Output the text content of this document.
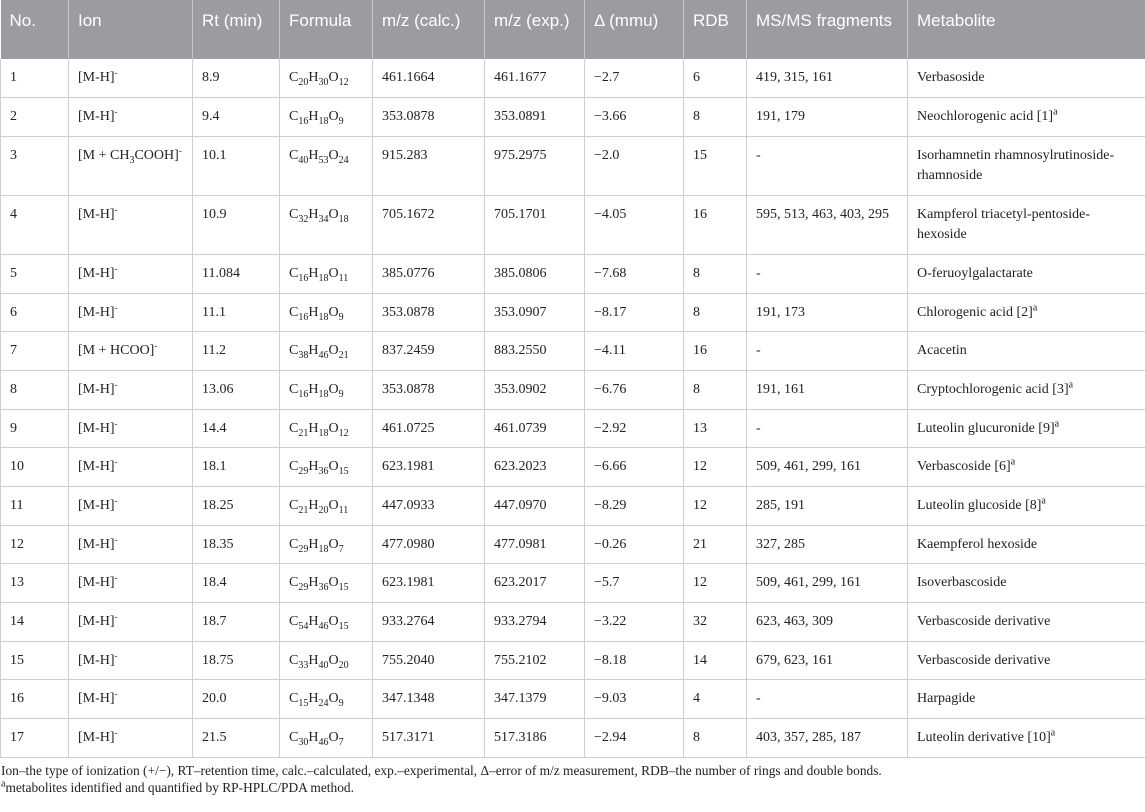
No.	Ion	Rt (min)	Formula	m/z (calc.)	m/z (exp.)	Δ (mmu)	RDB	MS/MS fragments	Metabolite
1	[M-H]-	8.9	$C_{20}H_{30}O_{12}$	461.1664	461.1677	−2.7	6	419, 315, 161	Verbasoside
2	[M-H]-	9.4	$C_{16}H_{18}O_9$	353.0878	353.0891	−3.66	8	191, 179	Neochlorogenic acid $[1]^a$
3	$[M + CH_3COOH]^-$	10.1	$C_{40}H_{53}O_{24}$	915.283	975.2975	−2.0	15	-	Isorhamnetin rhamnosylrutinoside-rhamnoside
4	[M-H]-	10.9	$C_{32}H_{34}O_{18}$	705.1672	705.1701	−4.05	16	595, 513, 463, 403, 295	Kampferol triacetyl-pentoside-hexoside
5	[M-H]-	11.084	$C_{16}H_{18}O_{11}$	385.0776	385.0806	−7.68	8	-	O-feruoylgalactarate
6	[M-H]-	11.1	$C_{16}H_{18}O_9$	353.0878	353.0907	−8.17	8	191, 173	Chlorogenic acid $[2]^a$
7	[M + HCOO]-	11.2	$C_{38}H_{46}O_{21}$	837.2459	883.2550	−4.11	16	-	Acacetin
8	[M-H]-	13.06	$C_{16}H_{18}O_9$	353.0878	353.0902	−6.76	8	191, 161	Cryptochlorogenic acid $[3]^a$
9	[M-H]-	14.4	$C_{21}H_{18}O_{12}$	461.0725	461.0739	−2.92	13	-	Luteolin glucuronide $[9]^a$
10	[M-H]-	18.1	$C_{29}H_{36}O_{15}$	623.1981	623.2023	−6.66	12	509, 461, 299, 161	Verbascoside $[6]^a$
11	[M-H]-	18.25	$C_{21}H_{20}O_{11}$	447.0933	447.0970	−8.29	12	285, 191	Luteolin glucoside $[8]^a$
12	[M-H]-	18.35	$C_{29}H_{18}O_7$	477.0980	477.0981	−0.26	21	327, 285	Kaempferol hexoside
13	[M-H]-	18.4	$C_{29}H_{36}O_{15}$	623.1981	623.2017	−5.7	12	509, 461, 299, 161	Isoverbascoside
14	[M-H]-	18.7	$C_{54}H_{46}O_{15}$	933.2764	933.2794	−3.22	32	623, 463, 309	Verbascoside derivative
15	[M-H]-	18.75	$C_{33}H_{40}O_{20}$	755.2040	755.2102	−8.18	14	679, 623, 161	Verbascoside derivative
16	[M-H]-	20.0	$C_{15}H_{24}O_9$	347.1348	347.1379	−9.03	4	-	Harpagide
17	[M-H]-	21.5	$C_{30}H_{46}O_7$	517.3171	517.3186	−2.94	8	403, 357, 285, 187	Luteolin derivative $[10]^a$

Ion–the type of ionization (+/−), RT–retention time, calc.–calculated, exp.–experimental, Δ–error of m/z measurement, RDB–the number of rings and double bonds.

$^a$metabolites identified and quantified by RP-HPLC/PDA method.
